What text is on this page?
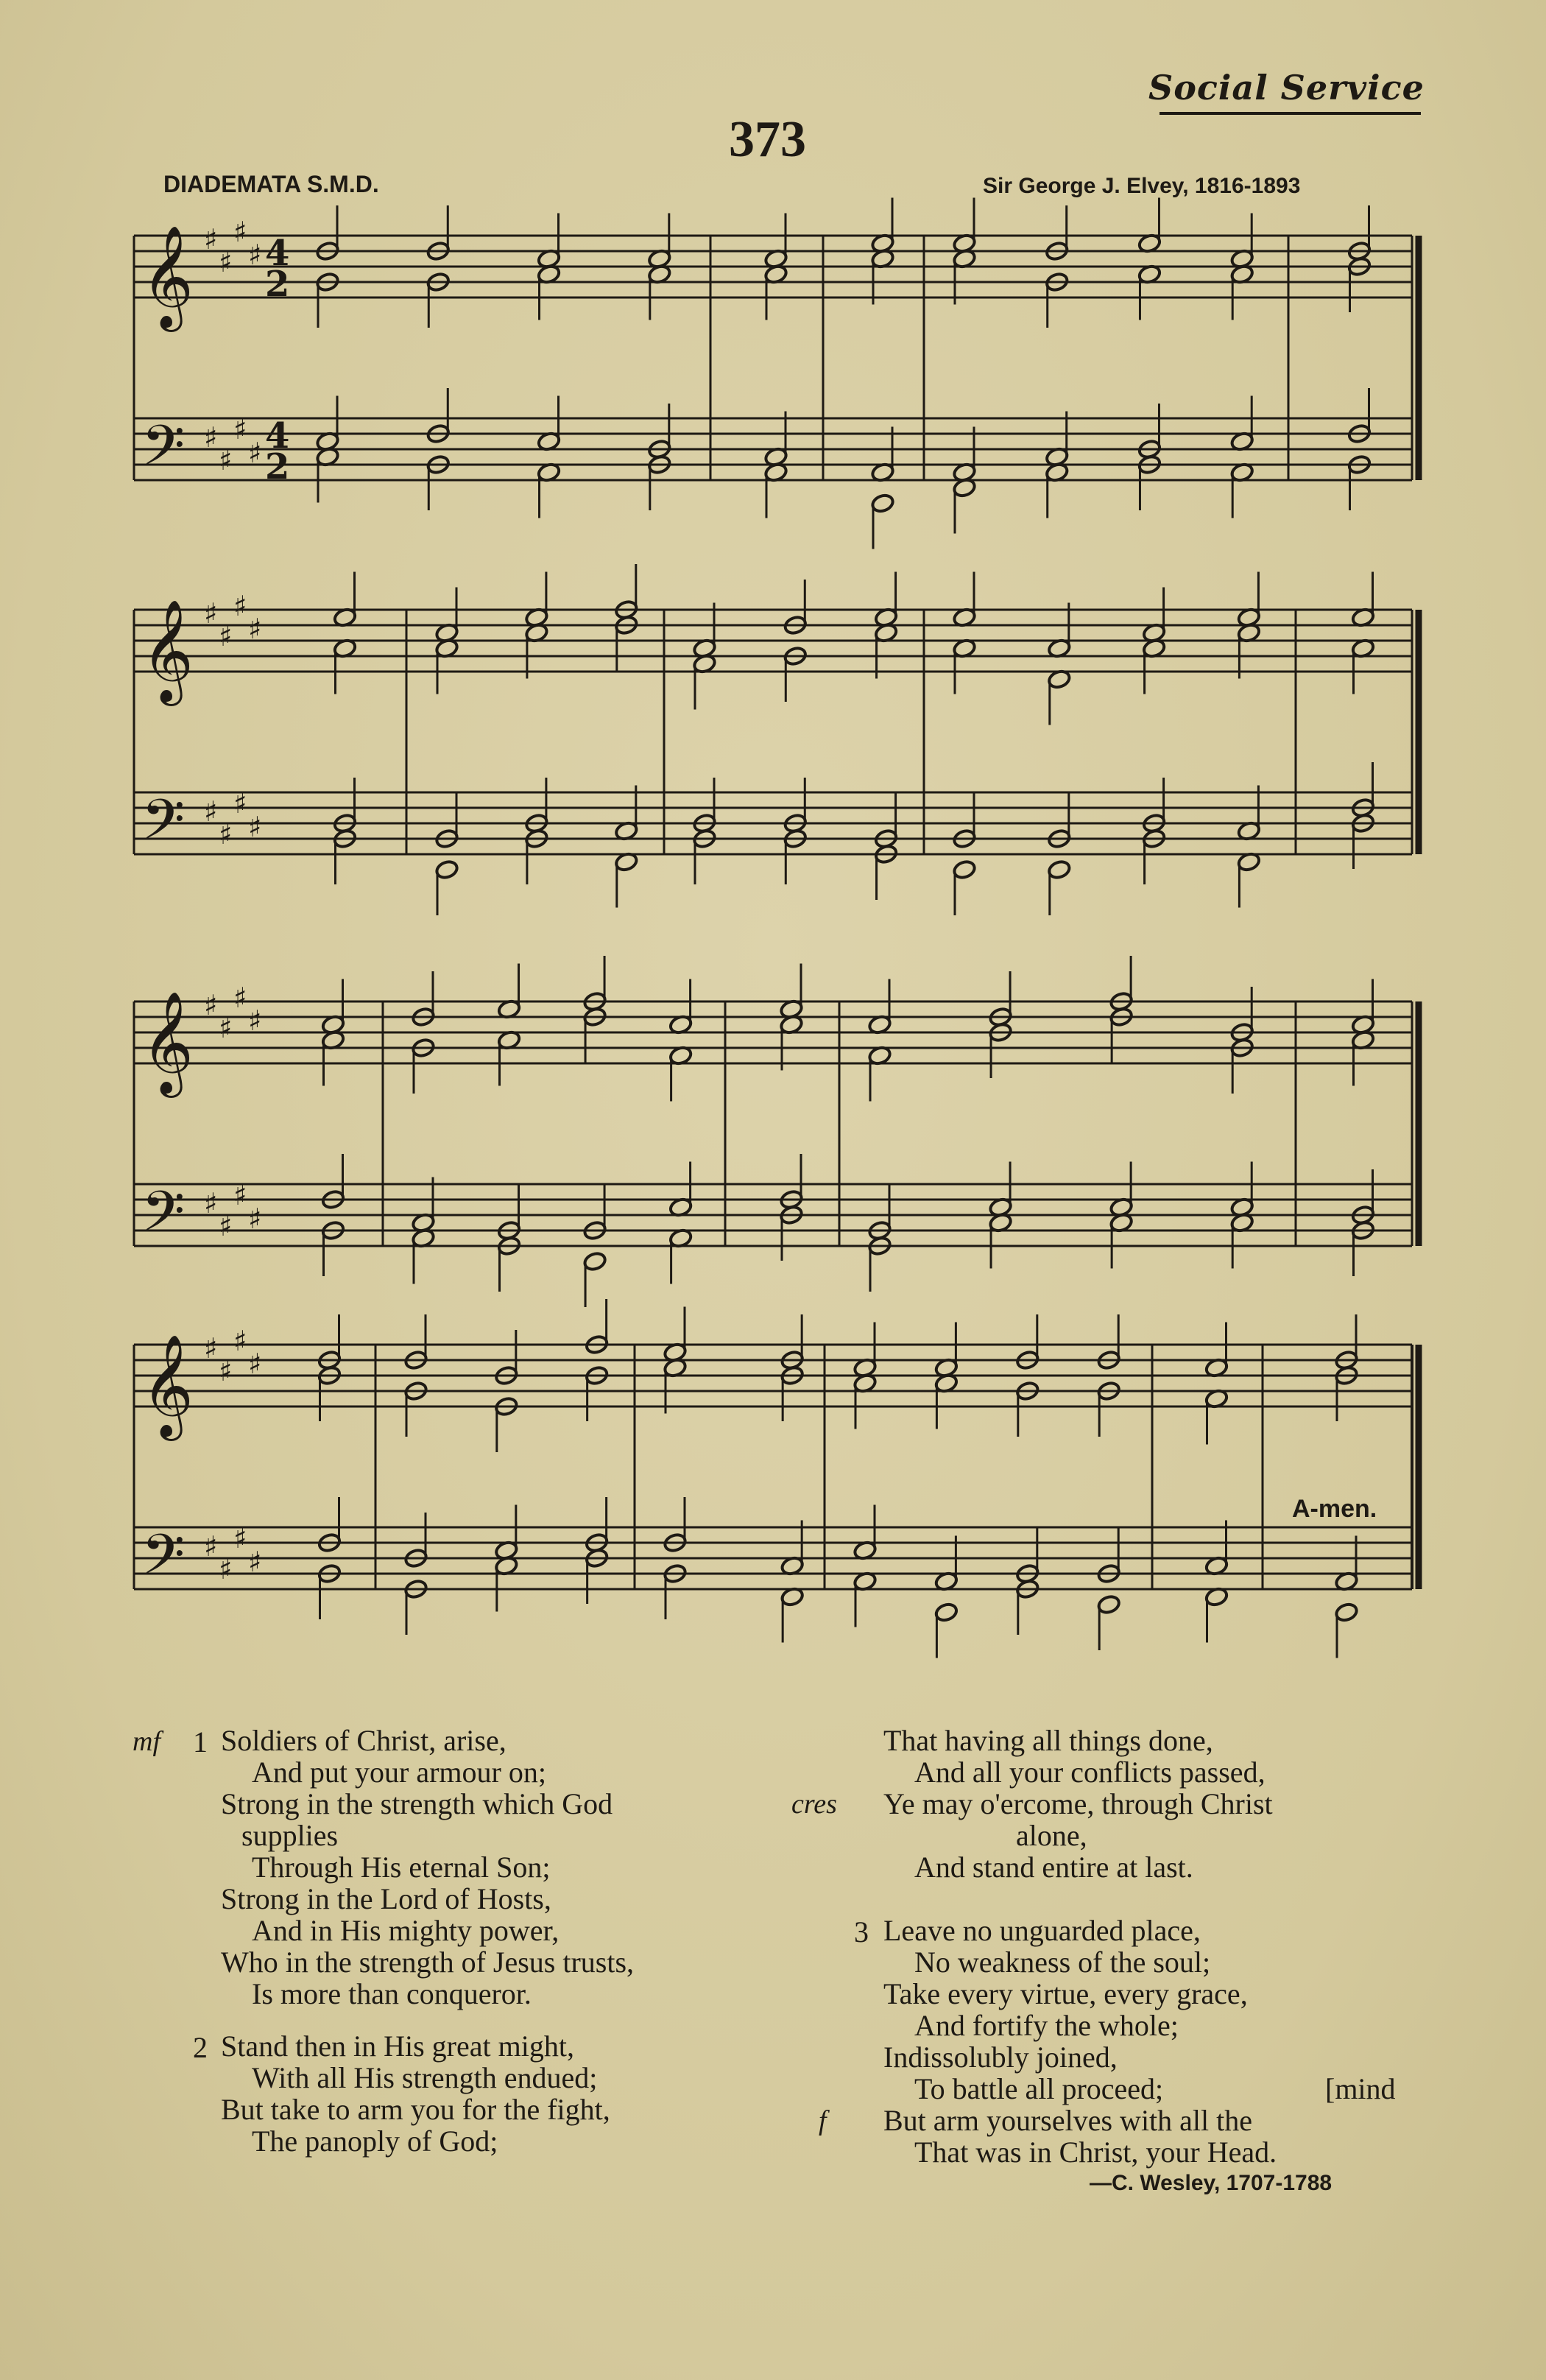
Social Service
373
DIADEMATA S.M.D.	Sir George J. Elvey, 1816-1893
𝄞 ♯
♯
♯
♯ 4
2
𝄢 ♯
♯
♯
♯ 4
2
𝄞 ♯
♯
♯
♯
𝄢 ♯
♯
♯
♯
𝄞 ♯
♯
♯
♯
𝄢 ♯
♯
♯
♯
𝄞 ♯
♯
♯
♯
𝄢 ♯
♯
♯
♯
A-men.
mf 1 Soldiers of Christ, arise,
And put your armour on;
Strong in the strength which God
supplies
Through His eternal Son;
Strong in the Lord of Hosts,
And in His mighty power,
Who in the strength of Jesus trusts,
Is more than conqueror.
2 Stand then in His great might,
With all His strength endued;
But take to arm you for the fight,
The panoply of God;
That having all things done,
And all your conflicts passed,
Ye may o'ercome, through Christ
alone,
And stand entire at last.
cres
3 Leave no unguarded place,
No weakness of the soul;
Take every virtue, every grace,
And fortify the whole;
Indissolubly joined,
To battle all proceed;	[mind
f But arm yourselves with all the
That was in Christ, your Head.
—C. Wesley, 1707-1788
